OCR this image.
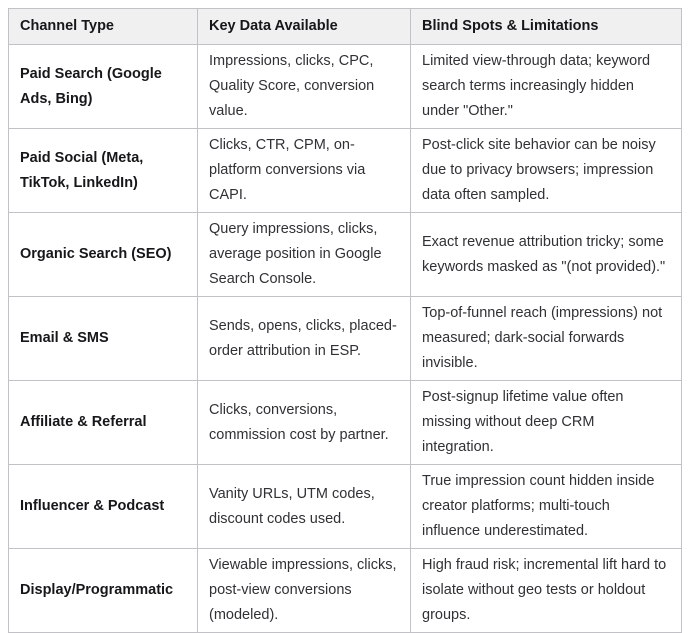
Channel Type	Key Data Available	Blind Spots & Limitations
Paid Search (Google Ads, Bing)	Impressions, clicks, CPC, Quality Score, conversion value.	Limited view-through data; keyword search terms increasingly hidden under "Other."
Paid Social (Meta, TikTok, LinkedIn)	Clicks, CTR, CPM, on-platform conversions via CAPI.	Post-click site behavior can be noisy due to privacy browsers; impression data often sampled.
Organic Search (SEO)	Query impressions, clicks, average position in Google Search Console.	Exact revenue attribution tricky; some keywords masked as "(not provided)."
Email & SMS	Sends, opens, clicks, placed-order attribution in ESP.	Top-of-funnel reach (impressions) not measured; dark-social forwards invisible.
Affiliate & Referral	Clicks, conversions, commission cost by partner.	Post-signup lifetime value often missing without deep CRM integration.
Influencer & Podcast	Vanity URLs, UTM codes, discount codes used.	True impression count hidden inside creator platforms; multi-touch influence underestimated.
Display/Programmatic	Viewable impressions, clicks, post-view conversions (modeled).	High fraud risk; incremental lift hard to isolate without geo tests or holdout groups.
